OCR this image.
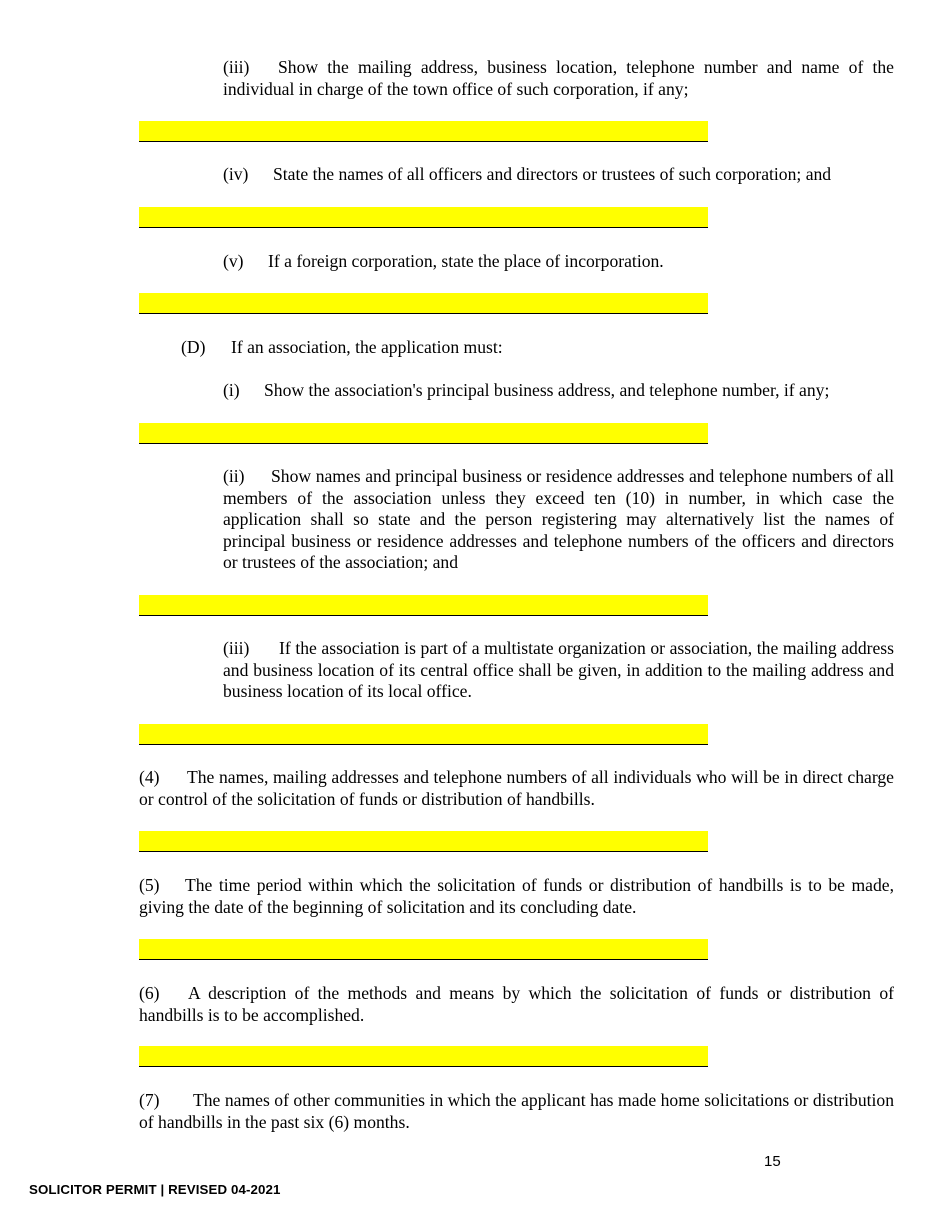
(iii) Show the mailing address, business location, telephone number and name of the individual in charge of the town office of such corporation, if any;
(iv) State the names of all officers and directors or trustees of such corporation; and
(v) If a foreign corporation, state the place of incorporation.
(D) If an association, the application must:
(i) Show the association's principal business address, and telephone number, if any;
(ii) Show names and principal business or residence addresses and telephone numbers of all members of the association unless they exceed ten (10) in number, in which case the application shall so state and the person registering may alternatively list the names of principal business or residence addresses and telephone numbers of the officers and directors or trustees of the association; and
(iii) If the association is part of a multistate organization or association, the mailing address and business location of its central office shall be given, in addition to the mailing address and business location of its local office.
(4) The names, mailing addresses and telephone numbers of all individuals who will be in direct charge or control of the solicitation of funds or distribution of handbills.
(5) The time period within which the solicitation of funds or distribution of handbills is to be made, giving the date of the beginning of solicitation and its concluding date.
(6) A description of the methods and means by which the solicitation of funds or distribution of handbills is to be accomplished.
(7) The names of other communities in which the applicant has made home solicitations or distribution of handbills in the past six (6) months.
15
SOLICITOR PERMIT | REVISED 04-2021
